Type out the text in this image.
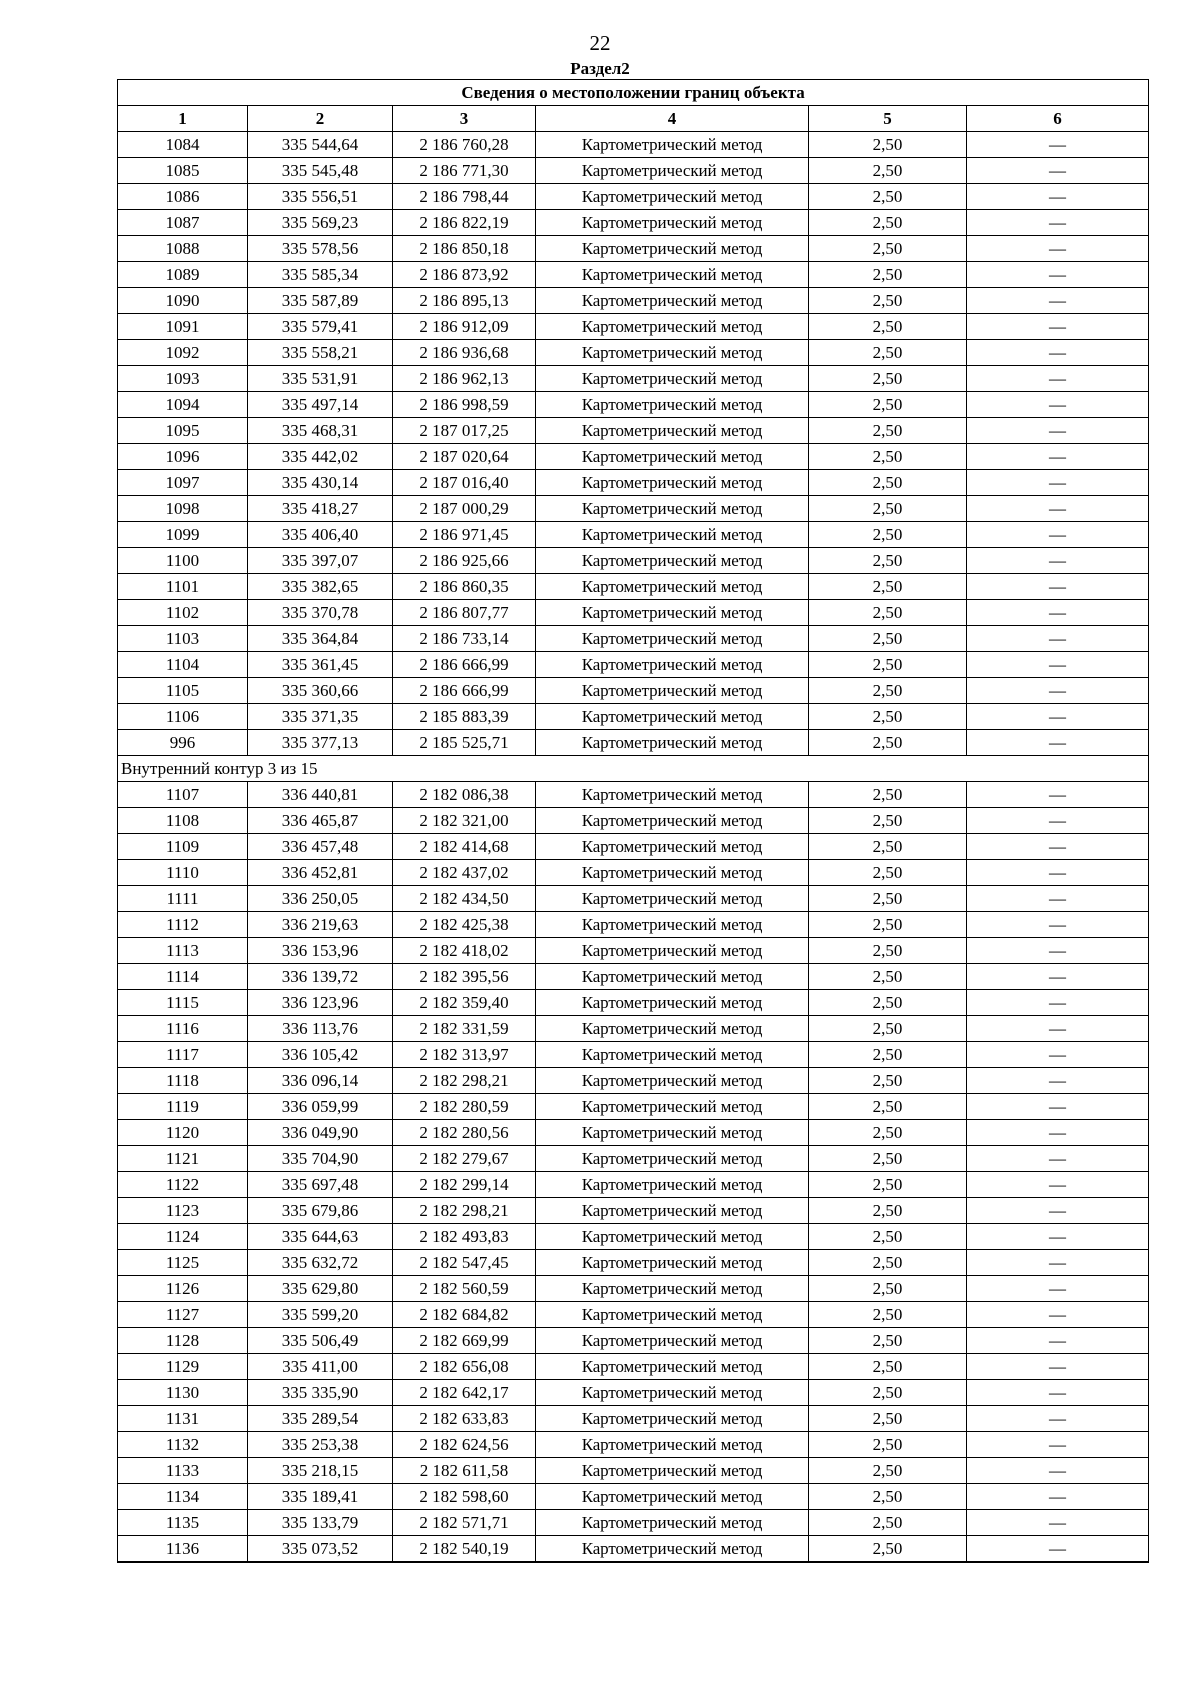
22
Раздел2
Сведения о местоположении границ объекта					
1	2	3	4	5	6
1084	335 544,64	2 186 760,28	Картометрический метод	2,50	—
1085	335 545,48	2 186 771,30	Картометрический метод	2,50	—
1086	335 556,51	2 186 798,44	Картометрический метод	2,50	—
1087	335 569,23	2 186 822,19	Картометрический метод	2,50	—
1088	335 578,56	2 186 850,18	Картометрический метод	2,50	—
1089	335 585,34	2 186 873,92	Картометрический метод	2,50	—
1090	335 587,89	2 186 895,13	Картометрический метод	2,50	—
1091	335 579,41	2 186 912,09	Картометрический метод	2,50	—
1092	335 558,21	2 186 936,68	Картометрический метод	2,50	—
1093	335 531,91	2 186 962,13	Картометрический метод	2,50	—
1094	335 497,14	2 186 998,59	Картометрический метод	2,50	—
1095	335 468,31	2 187 017,25	Картометрический метод	2,50	—
1096	335 442,02	2 187 020,64	Картометрический метод	2,50	—
1097	335 430,14	2 187 016,40	Картометрический метод	2,50	—
1098	335 418,27	2 187 000,29	Картометрический метод	2,50	—
1099	335 406,40	2 186 971,45	Картометрический метод	2,50	—
1100	335 397,07	2 186 925,66	Картометрический метод	2,50	—
1101	335 382,65	2 186 860,35	Картометрический метод	2,50	—
1102	335 370,78	2 186 807,77	Картометрический метод	2,50	—
1103	335 364,84	2 186 733,14	Картометрический метод	2,50	—
1104	335 361,45	2 186 666,99	Картометрический метод	2,50	—
1105	335 360,66	2 186 666,99	Картометрический метод	2,50	—
1106	335 371,35	2 185 883,39	Картометрический метод	2,50	—
996	335 377,13	2 185 525,71	Картометрический метод	2,50	—
Внутренний контур 3 из 15					
1107	336 440,81	2 182 086,38	Картометрический метод	2,50	—
1108	336 465,87	2 182 321,00	Картометрический метод	2,50	—
1109	336 457,48	2 182 414,68	Картометрический метод	2,50	—
1110	336 452,81	2 182 437,02	Картометрический метод	2,50	—
1111	336 250,05	2 182 434,50	Картометрический метод	2,50	—
1112	336 219,63	2 182 425,38	Картометрический метод	2,50	—
1113	336 153,96	2 182 418,02	Картометрический метод	2,50	—
1114	336 139,72	2 182 395,56	Картометрический метод	2,50	—
1115	336 123,96	2 182 359,40	Картометрический метод	2,50	—
1116	336 113,76	2 182 331,59	Картометрический метод	2,50	—
1117	336 105,42	2 182 313,97	Картометрический метод	2,50	—
1118	336 096,14	2 182 298,21	Картометрический метод	2,50	—
1119	336 059,99	2 182 280,59	Картометрический метод	2,50	—
1120	336 049,90	2 182 280,56	Картометрический метод	2,50	—
1121	335 704,90	2 182 279,67	Картометрический метод	2,50	—
1122	335 697,48	2 182 299,14	Картометрический метод	2,50	—
1123	335 679,86	2 182 298,21	Картометрический метод	2,50	—
1124	335 644,63	2 182 493,83	Картометрический метод	2,50	—
1125	335 632,72	2 182 547,45	Картометрический метод	2,50	—
1126	335 629,80	2 182 560,59	Картометрический метод	2,50	—
1127	335 599,20	2 182 684,82	Картометрический метод	2,50	—
1128	335 506,49	2 182 669,99	Картометрический метод	2,50	—
1129	335 411,00	2 182 656,08	Картометрический метод	2,50	—
1130	335 335,90	2 182 642,17	Картометрический метод	2,50	—
1131	335 289,54	2 182 633,83	Картометрический метод	2,50	—
1132	335 253,38	2 182 624,56	Картометрический метод	2,50	—
1133	335 218,15	2 182 611,58	Картометрический метод	2,50	—
1134	335 189,41	2 182 598,60	Картометрический метод	2,50	—
1135	335 133,79	2 182 571,71	Картометрический метод	2,50	—
1136	335 073,52	2 182 540,19	Картометрический метод	2,50	—
